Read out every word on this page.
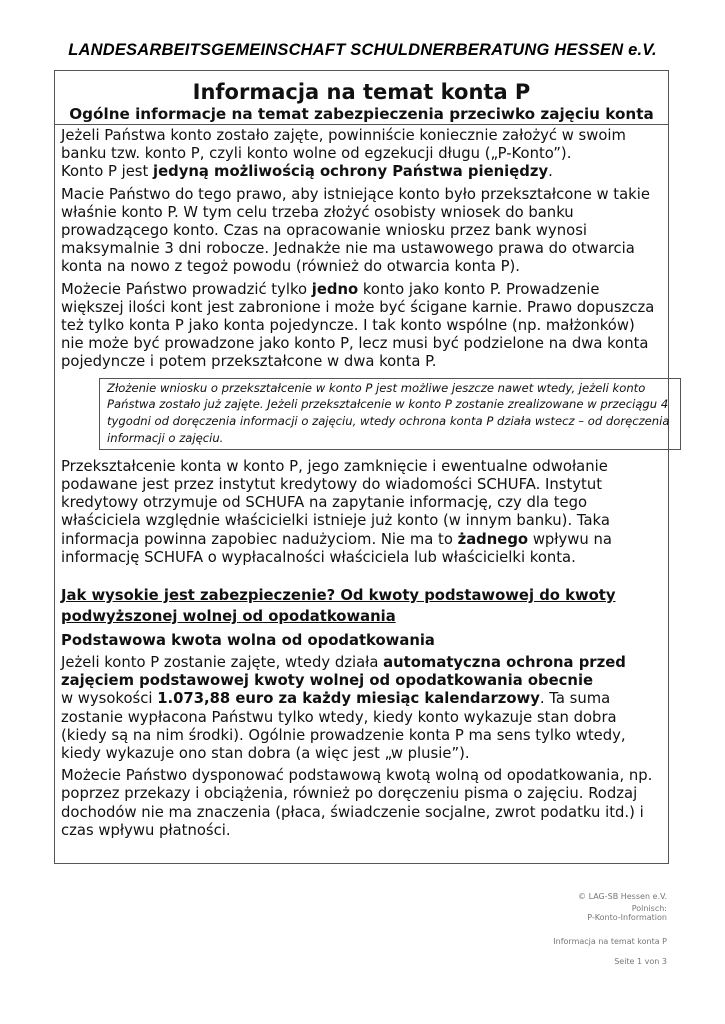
LANDESARBEITSGEMEINSCHAFT SCHULDNERBERATUNG HESSEN e.V.
Informacja na temat konta P
Ogólne informacje na temat zabezpieczenia przeciwko zajęciu konta

Jeżeli Państwa konto zostało zajęte, powinniście koniecznie założyć w swoim banku tzw. konto P, czyli konto wolne od egzekucji długu („P-Konto”).
Konto P jest jedyną możliwością ochrony Państwa pieniędzy.

Macie Państwo do tego prawo, aby istniejące konto było przekształcone w takie właśnie konto P. W tym celu trzeba złożyć osobisty wniosek do banku prowadzącego konto. Czas na opracowanie wniosku przez bank wynosi maksymalnie 3 dni robocze. Jednakże nie ma ustawowego prawa do otwarcia konta na nowo z tegoż powodu (również do otwarcia konta P).

Możecie Państwo prowadzić tylko jedno konto jako konto P. Prowadzenie większej ilości kont jest zabronione i może być ścigane karnie. Prawo dopuszcza też tylko konta P jako konta pojedyncze. I tak konto wspólne (np. małżonków) nie może być prowadzone jako konto P, lecz musi być podzielone na dwa konta pojedyncze i potem przekształcone w dwa konta P.

Złożenie wniosku o przekształcenie w konto P jest możliwe jeszcze nawet wtedy, jeżeli konto Państwa zostało już zajęte. Jeżeli przekształcenie w konto P zostanie zrealizowane w przeciągu 4 tygodni od doręczenia informacji o zajęciu, wtedy ochrona konta P działa wstecz – od doręczenia informacji o zajęciu.

Przekształcenie konta w konto P, jego zamknięcie i ewentualne odwołanie podawane jest przez instytut kredytowy do wiadomości SCHUFA. Instytut kredytowy otrzymuje od SCHUFA na zapytanie informację, czy dla tego właściciela względnie właścicielki istnieje już konto (w innym banku). Taka informacja powinna zapobiec nadużyciom. Nie ma to żadnego wpływu na informację SCHUFA o wypłacalności właściciela lub właścicielki konta.

Jak wysokie jest zabezpieczenie? Od kwoty podstawowej do kwoty podwyższonej wolnej od opodatkowania
Podstawowa kwota wolna od opodatkowania

Jeżeli konto P zostanie zajęte, wtedy działa automatyczna ochrona przed zajęciem podstawowej kwoty wolnej od opodatkowania obecnie
w wysokości 1.073,88 euro za każdy miesiąc kalendarzowy. Ta suma zostanie wypłacona Państwu tylko wtedy, kiedy konto wykazuje stan dobra (kiedy są na nim środki). Ogólnie prowadzenie konta P ma sens tylko wtedy, kiedy wykazuje ono stan dobra (a więc jest „w plusie”).

Możecie Państwo dysponować podstawową kwotą wolną od opodatkowania, np. poprzez przekazy i obciążenia, również po doręczeniu pisma o zajęciu. Rodzaj dochodów nie ma znaczenia (płaca, świadczenie socjalne, zwrot podatku itd.) i czas wpływu płatności.

© LAG-SB Hessen e.V.
Polnisch:
P-Konto-Information
Informacja na temat konta P
Seite 1 von 3
